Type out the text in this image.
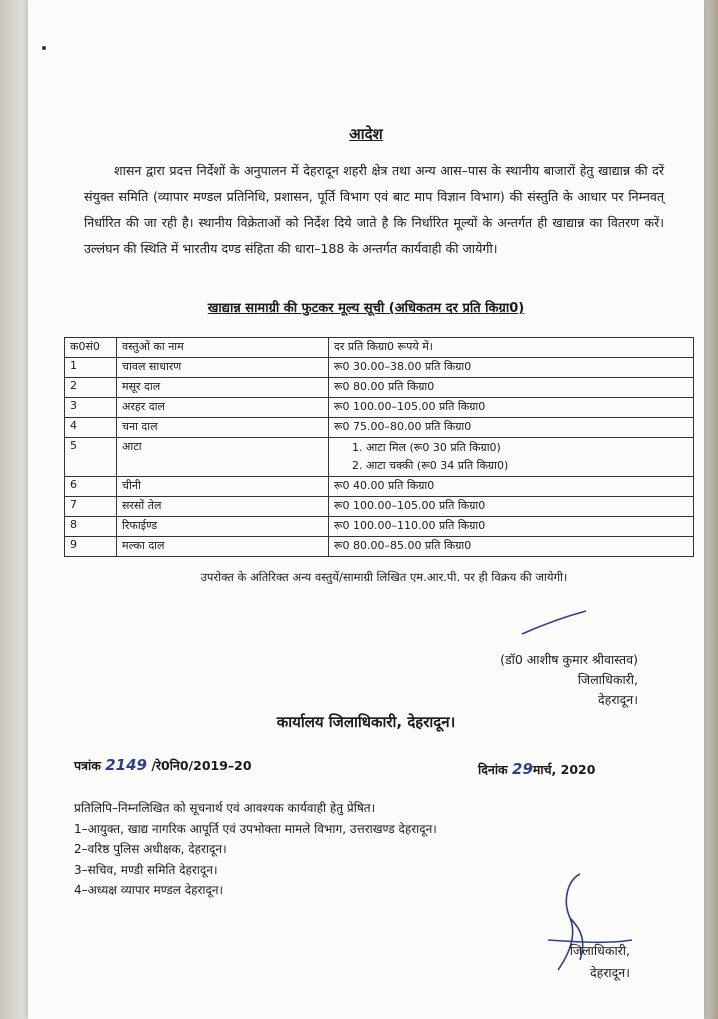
आदेश
शासन द्वारा प्रदत्त निर्देशों के अनुपालन में देहरादून शहरी क्षेत्र तथा अन्य आस–पास के स्थानीय बाजारों हेतु खाद्यान्न की दरें संयुक्त समिति (व्यापार मण्डल प्रतिनिधि, प्रशासन, पूर्ति विभाग एवं बाट माप विज्ञान विभाग) की संस्तुति के आधार पर निम्नवत् निर्धारित की जा रही है। स्थानीय विक्रेताओं को निर्देश दिये जाते है कि निर्धारित मूल्यों के अन्तर्गत ही खाद्यान्न का वितरण करें। उल्लंघन की स्थिति में भारतीय दण्ड संहिता की धारा–188 के अन्तर्गत कार्यवाही की जायेगी।
खाद्यान्न सामाग्री की फुटकर मूल्य सूची (अधिकतम दर प्रति किग्रा0)
क0सं0	वस्तुओं का नाम	दर प्रति किग्रा0 रूपये में।
1	चावल साधारण	रू0 30.00–38.00 प्रति किग्रा0
2	मसूर दाल	रू0 80.00 प्रति किग्रा0
3	अरहर दाल	रू0 100.00–105.00 प्रति किग्रा0
4	चना दाल	रू0 75.00–80.00 प्रति किग्रा0
5	आटा	1. आटा मिल (रू0 30 प्रति किग्रा0)
2. आटा चक्की (रू0 34 प्रति किग्रा0)

6	चीनी	रू0 40.00 प्रति किग्रा0
7	सरसों तेल	रू0 100.00–105.00 प्रति किग्रा0
8	रिफाईण्ड	रू0 100.00–110.00 प्रति किग्रा0
9	मल्का दाल	रू0 80.00–85.00 प्रति किग्रा0
उपरोक्त के अतिरिक्त अन्य वस्तुयें/सामाग्री लिखित एम.आर.पी. पर ही विक्रय की जायेगी।
(डॉ0 आशीष कुमार श्रीवास्तव)
जिलाधिकारी,
देहरादून।
कार्यालय जिलाधिकारी, देहरादून।
पत्रांक 2149 /रे0नि0/2019–20	दिनांक 29मार्च, 2020
प्रतिलिपि–निम्नलिखित को सूचनार्थ एवं आवश्यक कार्यवाही हेतु प्रेषित।
1–आयुक्त, खाद्य नागरिक आपूर्ति एवं उपभोक्ता मामले विभाग, उत्तराखण्ड देहरादून।
2–वरिष्ठ पुलिस अधीक्षक, देहरादून।
3–सचिव, मण्डी समिति देहरादून।
4–अध्यक्ष व्यापार मण्डल देहरादून।
जिलाधिकारी,
देहरादून।
